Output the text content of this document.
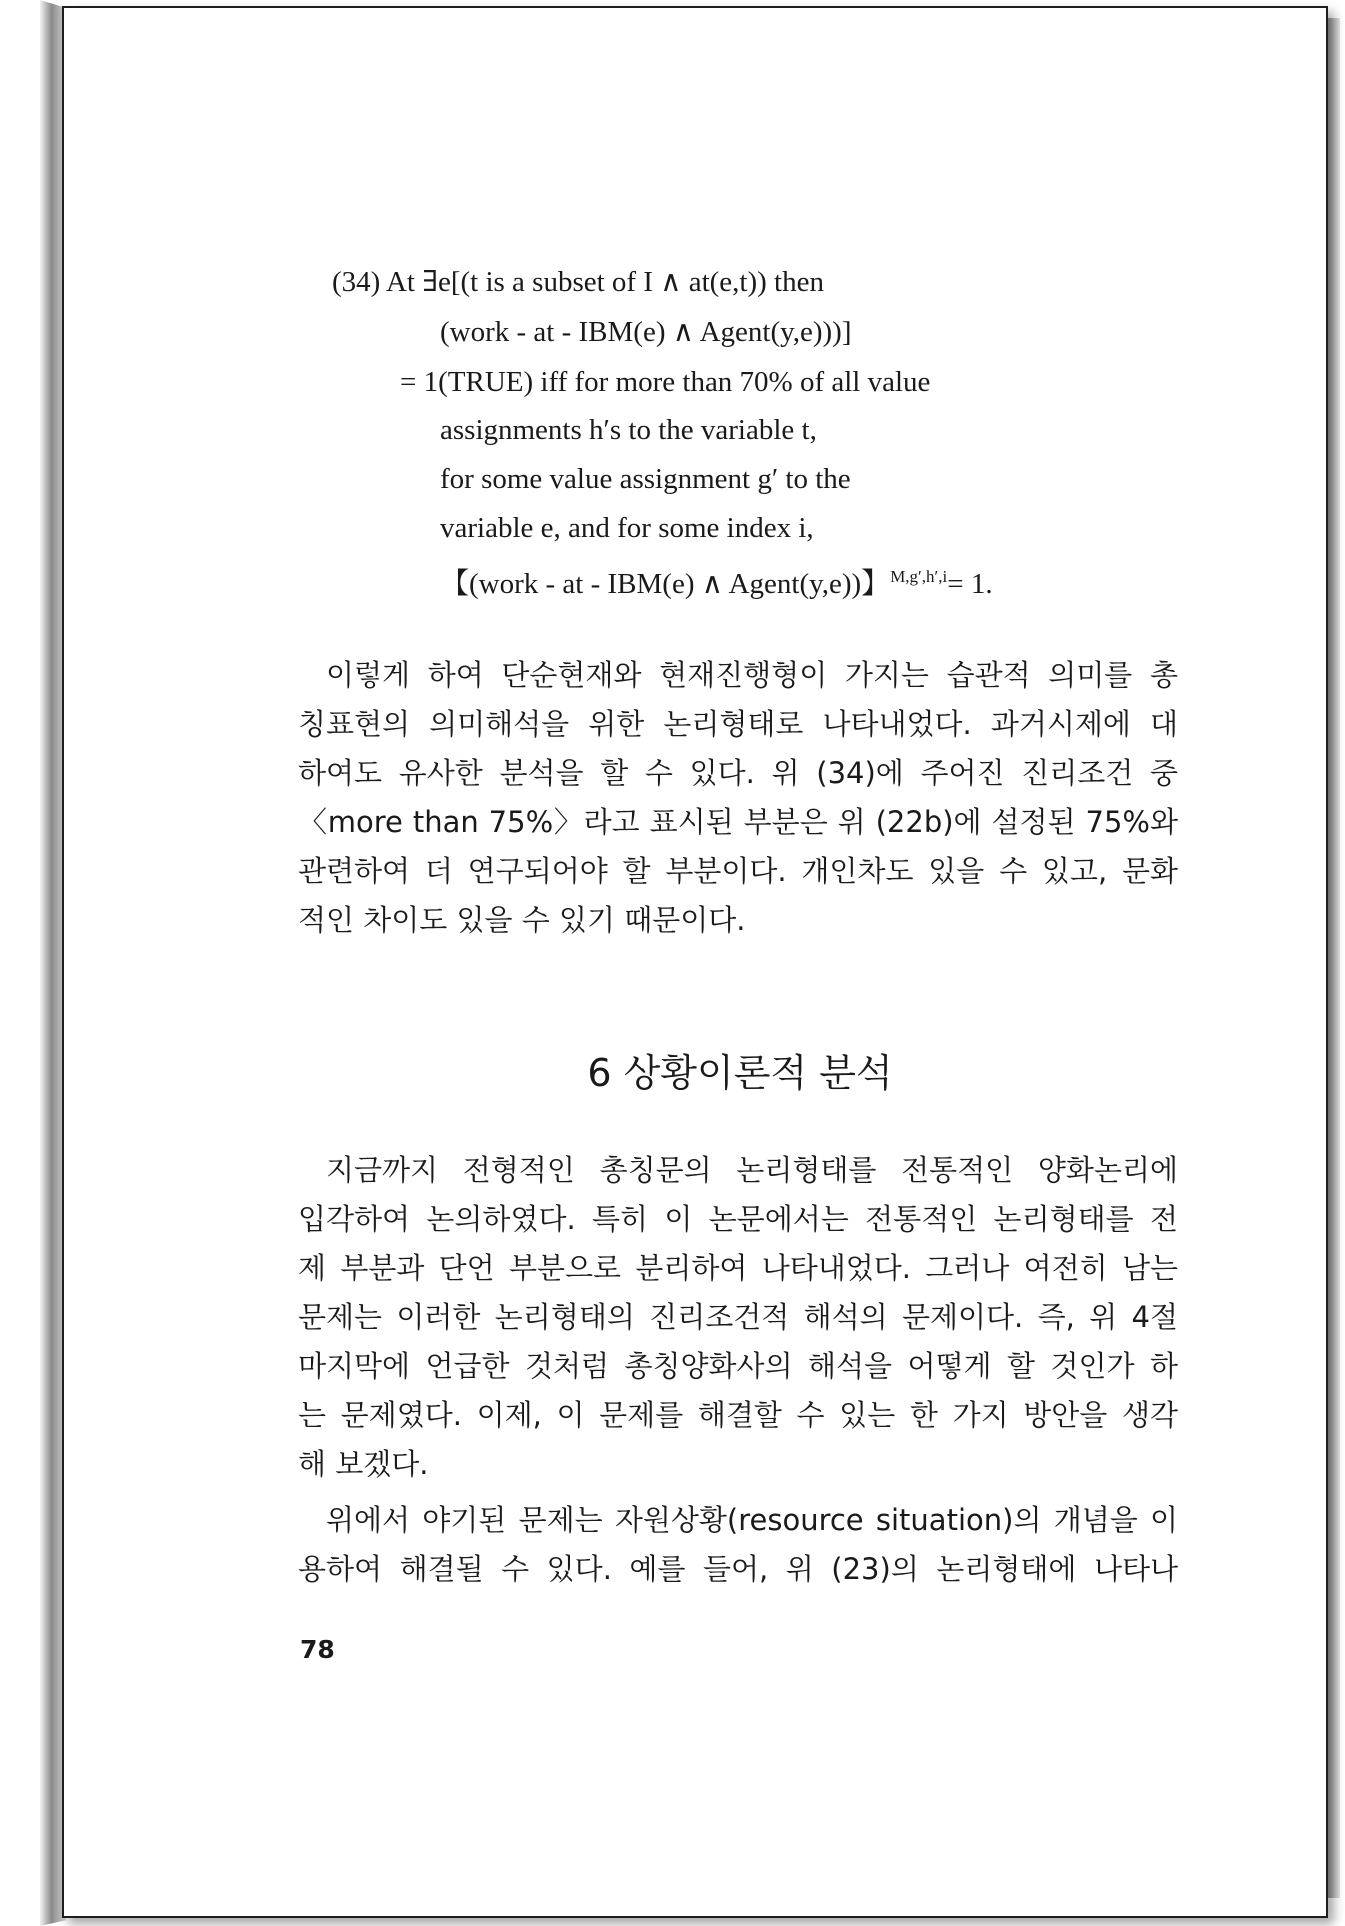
(34) At ∃e[(t is a subset of I ∧ at(e,t)) then
(work - at - IBM(e) ∧ Agent(y,e)))]
= 1(TRUE) iff for more than 70% of all value
assignments h′s to the variable t,
for some value assignment g′ to the
variable e, and for some index i,
【(work - at - IBM(e) ∧ Agent(y,e))】$^{M,g',h',i}$= 1.
이렇게 하여 단순현재와 현재진행형이 가지는 습관적 의미를 총
칭표현의 의미해석을 위한 논리형태로 나타내었다. 과거시제에 대
하여도 유사한 분석을 할 수 있다. 위 (34)에 주어진 진리조건 중
〈more than 75%〉라고 표시된 부분은 위 (22b)에 설정된 75%와
관련하여 더 연구되어야 할 부분이다. 개인차도 있을 수 있고, 문화
적인 차이도 있을 수 있기 때문이다.
6 상황이론적 분석
지금까지 전형적인 총칭문의 논리형태를 전통적인 양화논리에
입각하여 논의하였다. 특히 이 논문에서는 전통적인 논리형태를 전
제 부분과 단언 부분으로 분리하여 나타내었다. 그러나 여전히 남는
문제는 이러한 논리형태의 진리조건적 해석의 문제이다. 즉, 위 4절
마지막에 언급한 것처럼 총칭양화사의 해석을 어떻게 할 것인가 하
는 문제였다. 이제, 이 문제를 해결할 수 있는 한 가지 방안을 생각
해 보겠다.
위에서 야기된 문제는 자원상황(resource situation)의 개념을 이
용하여 해결될 수 있다. 예를 들어, 위 (23)의 논리형태에 나타나
78
